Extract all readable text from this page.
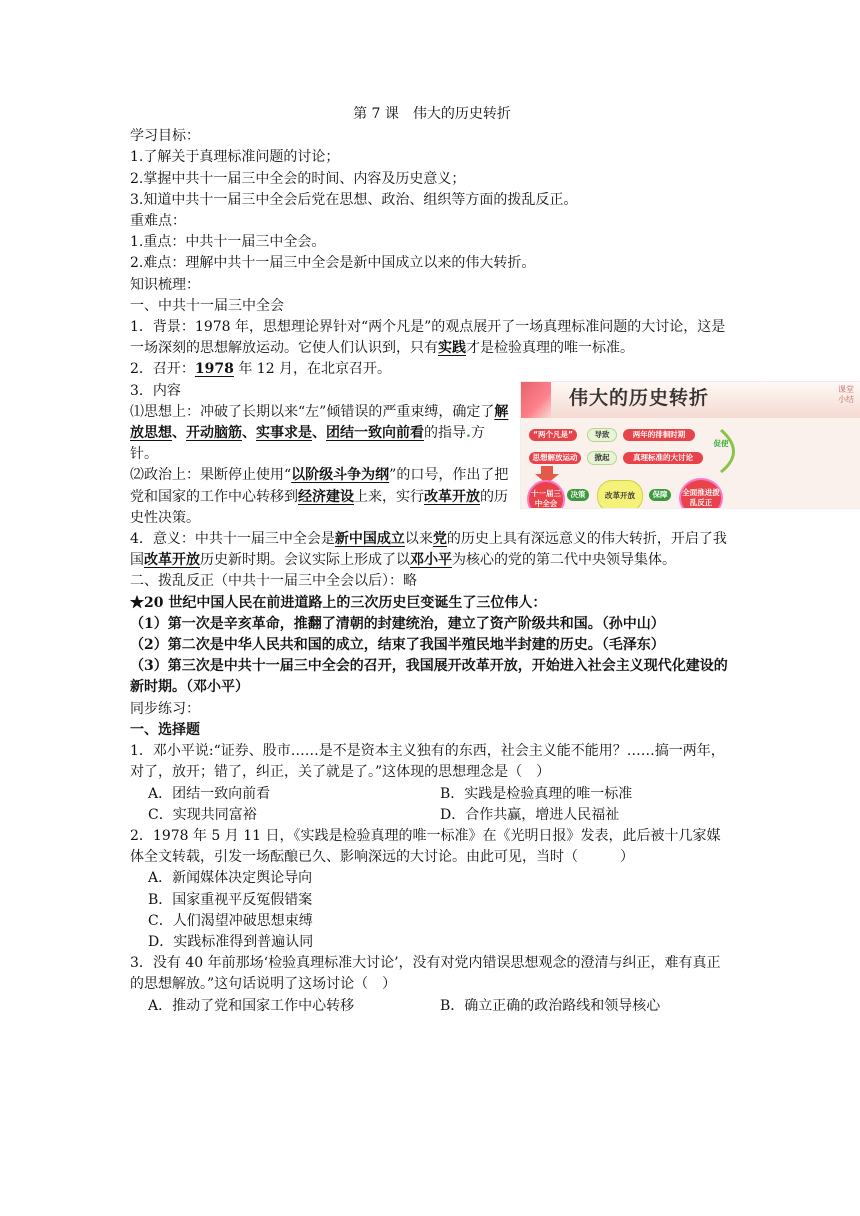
第 7 课　伟大的历史转折
学习目标：
1.了解关于真理标准问题的讨论；
2.掌握中共十一届三中全会的时间、内容及历史意义；
3.知道中共十一届三中全会后党在思想、政治、组织等方面的拨乱反正。
重难点：
1.重点：中共十一届三中全会。
2.难点：理解中共十一届三中全会是新中国成立以来的伟大转折。
知识梳理：
一、中共十一届三中全会
1．背景：1978 年，思想理论界针对“两个凡是”的观点展开了一场真理标准问题的大讨论，这是一场深刻的思想解放运动。它使人们认识到，只有实践才是检验真理的唯一标准。
2．召开：1978 年 12 月，在北京召开。
3．内容
⑴思想上：冲破了长期以来“左”倾错误的严重束缚，确定了解放思想、开动脑筋、实事求是、团结一致向前看的指导.方针。
⑵政治上：果断停止使用“以阶级斗争为纲”的口号，作出了把党和国家的工作中心转移到经济建设上来，实行改革开放的历史性决策。
伟大的历史转折	课堂小结
“两个凡是”	导致	两年的徘徊时期
思想解放运动	掀起	真理标准的大讨论
促使
十一届三中全会
决策	改革开放	保障	全面推进拨乱反正
4．意义：中共十一届三中全会是新中国成立以来党的历史上具有深远意义的伟大转折，开启了我国改革开放历史新时期。会议实际上形成了以邓小平为核心的党的第二代中央领导集体。
二、拨乱反正（中共十一届三中全会以后）：略
★20 世纪中国人民在前进道路上的三次历史巨变诞生了三位伟人：
（1）第一次是辛亥革命，推翻了清朝的封建统治，建立了资产阶级共和国。（孙中山）
（2）第二次是中华人民共和国的成立，结束了我国半殖民地半封建的历史。（毛泽东）
（3）第三次是中共十一届三中全会的召开，我国展开改革开放，开始进入社会主义现代化建设的新时期。（邓小平）
同步练习：
一、选择题
1．邓小平说:“证券、股市……是不是资本主义独有的东西，社会主义能不能用？……搞一两年，对了，放开；错了，纠正，关了就是了。”这体现的思想理念是（　）
A．团结一致向前看	B．实践是检验真理的唯一标准
C．实现共同富裕	D．合作共赢，增进人民福祉
2．1978 年 5 月 11 日，《实践是检验真理的唯一标准》在《光明日报》发表，此后被十几家媒体全文转载，引发一场酝酿已久、影响深远的大讨论。由此可见，当时（　　　）
A．新闻媒体决定舆论导向
B．国家重视平反冤假错案
C．人们渴望冲破思想束缚
D．实践标准得到普遍认同
3．没有 40 年前那场‘检验真理标准大讨论’，没有对党内错误思想观念的澄清与纠正，难有真正的思想解放。”这句话说明了这场讨论（　）
A．推动了党和国家工作中心转移	B．确立正确的政治路线和领导核心
